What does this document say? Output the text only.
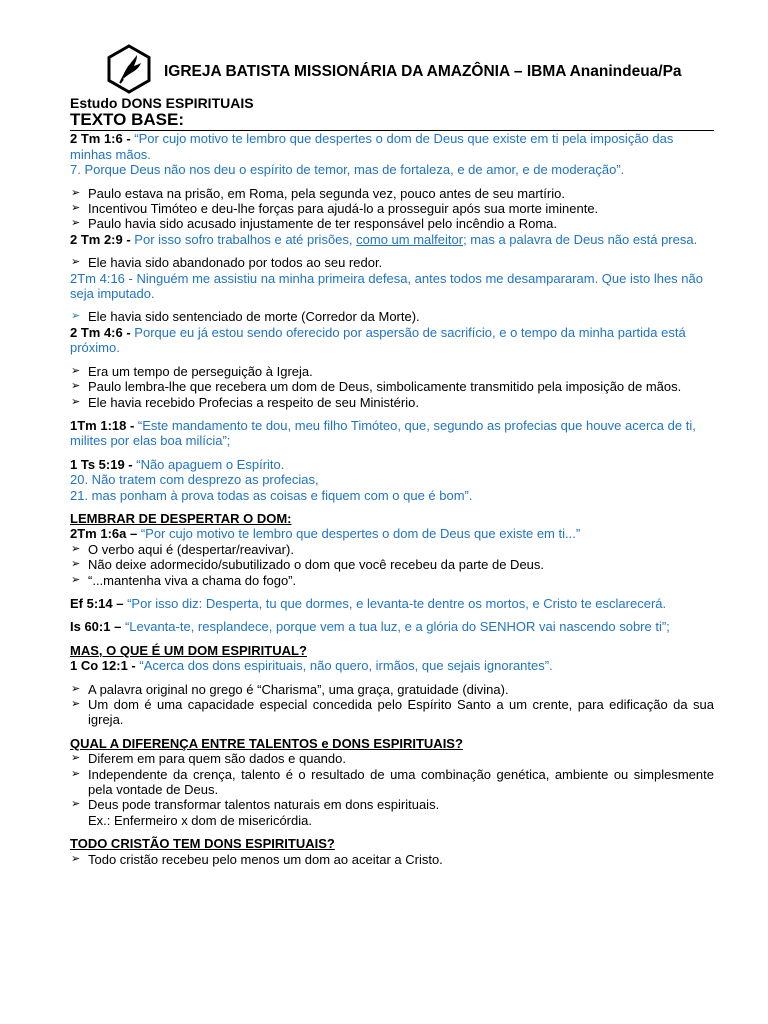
IGREJA BATISTA MISSIONÁRIA DA AMAZÔNIA – IBMA Ananindeua/Pa

Estudo DONS ESPIRITUAIS

TEXTO BASE:

2 Tm 1:6 - “Por cujo motivo te lembro que despertes o dom de Deus que existe em ti pela imposição das minhas mãos.

7. Porque Deus não nos deu o espírito de temor, mas de fortaleza, e de amor, e de moderação”.

➢ Paulo estava na prisão, em Roma, pela segunda vez, pouco antes de seu martírio.
➢ Incentivou Timóteo e deu-lhe forças para ajudá-lo a prosseguir após sua morte iminente.
➢ Paulo havia sido acusado injustamente de ter responsável pelo incêndio a Roma.

2 Tm 2:9 - Por isso sofro trabalhos e até prisões, como um malfeitor; mas a palavra de Deus não está presa.

➢ Ele havia sido abandonado por todos ao seu redor.

2Tm 4:16 - Ninguém me assistiu na minha primeira defesa, antes todos me desampararam. Que isto lhes não seja imputado.

➢ Ele havia sido sentenciado de morte (Corredor da Morte).

2 Tm 4:6 - Porque eu já estou sendo oferecido por aspersão de sacrifício, e o tempo da minha partida está próximo.

➢ Era um tempo de perseguição à Igreja.
➢ Paulo lembra-lhe que recebera um dom de Deus, simbolicamente transmitido pela imposição de mãos.
➢ Ele havia recebido Profecias a respeito de seu Ministério.

1Tm 1:18 - “Este mandamento te dou, meu filho Timóteo, que, segundo as profecias que houve acerca de ti, milites por elas boa milícia”;

1 Ts 5:19 - “Não apaguem o Espírito.

20. Não tratem com desprezo as profecias,

21. mas ponham à prova todas as coisas e fiquem com o que é bom”.

LEMBRAR DE DESPERTAR O DOM:

2Tm 1:6a – “Por cujo motivo te lembro que despertes o dom de Deus que existe em ti...”

➢ O verbo aqui é (despertar/reavivar).
➢ Não deixe adormecido/subutilizado o dom que você recebeu da parte de Deus.
➢ “...mantenha viva a chama do fogo”.

Ef 5:14 – “Por isso diz: Desperta, tu que dormes, e levanta-te dentre os mortos, e Cristo te esclarecerá.

Is 60:1 – “Levanta-te, resplandece, porque vem a tua luz, e a glória do SENHOR vai nascendo sobre ti”;

MAS, O QUE É UM DOM ESPIRITUAL?

1 Co 12:1 - “Acerca dos dons espirituais, não quero, irmãos, que sejais ignorantes”.

➢ A palavra original no grego é “Charisma”, uma graça, gratuidade (divina).
➢ Um dom é uma capacidade especial concedida pelo Espírito Santo a um crente, para edificação da sua igreja.

QUAL A DIFERENÇA ENTRE TALENTOS e DONS ESPIRITUAIS?

➢ Diferem em para quem são dados e quando.
➢ Independente da crença, talento é o resultado de uma combinação genética, ambiente ou simplesmente pela vontade de Deus.
➢ Deus pode transformar talentos naturais em dons espirituais.

Ex.: Enfermeiro x dom de misericórdia.

TODO CRISTÃO TEM DONS ESPIRITUAIS?

➢ Todo cristão recebeu pelo menos um dom ao aceitar a Cristo.
